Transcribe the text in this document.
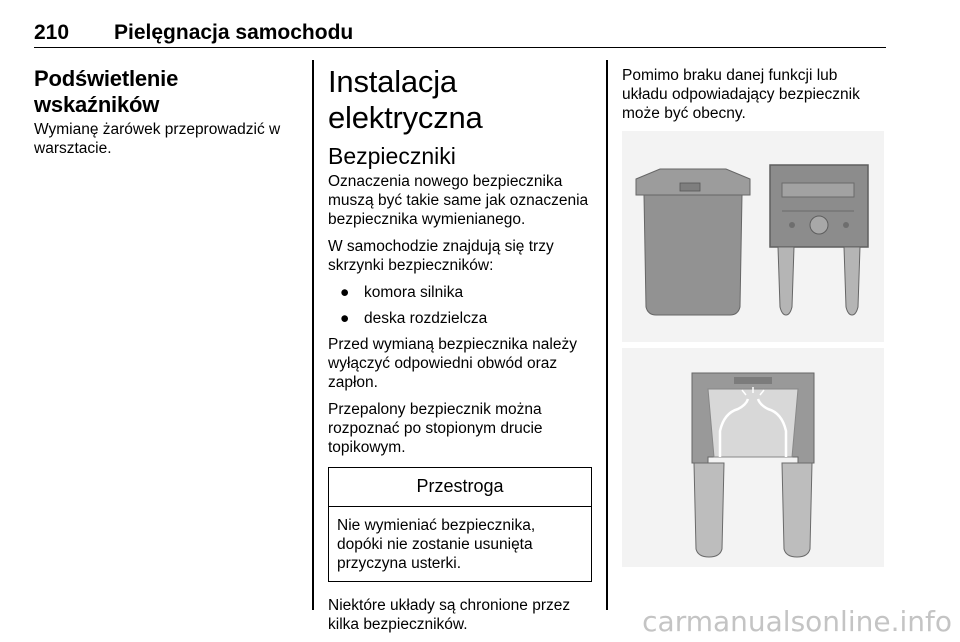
210	Pielęgnacja samochodu
Podświetlenie wskaźników

Wymianę żarówek przeprowadzić w warsztacie.

Instalacja elektryczna
Bezpieczniki

Oznaczenia nowego bezpiecznika muszą być takie same jak oznaczenia bezpiecznika wymienianego.

W samochodzie znajdują się trzy skrzynki bezpieczników:

● komora silnika
● deska rozdzielcza

Przed wymianą bezpiecznika należy wyłączyć odpowiedni obwód oraz zapłon.

Przepalony bezpiecznik można rozpoznać po stopionym drucie topikowym.

Przestroga
Nie wymieniać bezpiecznika, dopóki nie zostanie usunięta przyczyna usterki.

Niektóre układy są chronione przez kilka bezpieczników.

Pomimo braku danej funkcji lub układu odpowiadający bezpiecznik może być obecny.

carmanualsonline.info
